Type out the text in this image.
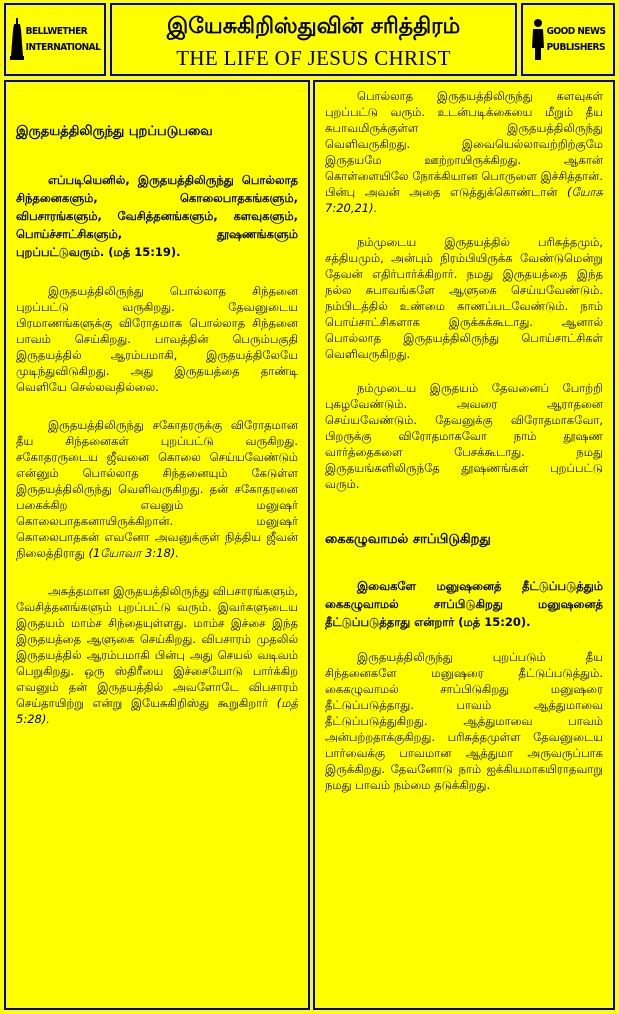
BELLWETHER
INTERNATIONAL
இயேசுகிறிஸ்துவின் சரித்திரம்
THE LIFE OF JESUS CHRIST
GOOD NEWS
PUBLISHERS

இருதயத்திலிருந்து புறப்படுபவை

எப்படியெனில், இருதயத்திலிருந்து பொல்லாத சிந்தனைகளும், கொலைபாதகங்களும், விபசாரங்களும், வேசித்தனங்களும், களவுகளும், பொய்ச்சாட்சிகளும், தூஷணங்களும் புறப்பட்டுவரும். (மத் 15:19).

இருதயத்திலிருந்து பொல்லாத சிந்தனை புறப்பட்டு வருகிறது. தேவனுடைய பிரமாணங்களுக்கு விரோதமாக பொல்லாத சிந்தனை பாவம் செய்கிறது. பாவத்தின் பெரும்பகுதி இருதயத்தில் ஆரம்பமாகி, இருதயத்திலேயே முடிந்துவிடுகிறது. அது இருதயத்தை தாண்டி வெளியே செல்லவதில்லை.

இருதயத்திலிருந்து சகோதரருக்கு விரோதமான தீய சிந்தனைகள் புறப்பட்டு வருகிறது. சகோதரருடைய ஜீவனை கொலை செய்யவேண்டும் என்னும் பொல்லாத சிந்தனையும் கேடுள்ள இருதயத்திலிருந்து வெளிவருகிறது. தன் சகோதரனை பகைக்கிற எவனும் மனுஷர் கொலைபாதகனாயிருக்கிறான். மனுஷர் கொலைபாதகன் எவனோ அவனுக்குள் நித்திய ஜீவன் நிலைத்திராது (1யோவா 3:18).

அசுத்தமான இருதயத்திலிருந்து விபசாரங்களும், வேசித்தனங்களும் புறப்பட்டு வரும். இவர்களுடைய இருதயம் மாம்ச சிந்தையுள்ளது. மாம்ச இச்சை இந்த இருதயத்தை ஆளுகை செய்கிறது. விபசாரம் முதலில் இருதயத்தில் ஆரம்பமாகி பின்பு அது செயல் வடிவம் பெறுகிறது. ஒரு ஸ்திரீயை இச்சையோடு பார்க்கிற எவனும் தன் இருதயத்தில் அவளோடே விபசாரம் செய்தாயிற்று என்று இயேசுகிறிஸ்து கூறுகிறார் (மத் 5:28).

பொல்லாத இருதயத்திலிருந்து களவுகள் புறப்பட்டு வரும். உடன்படிக்கையை மீறும் தீய சுபாவமிருக்குள்ள இருதயத்திலிருந்து வெளிவருகிறது. இவையெல்லாவற்றிற்குமே இருதயமே ஊற்றாயிருக்கிறது. ஆகான் கொள்ளையிலே நோக்கியான பொருளை இச்சித்தான். பின்பு அவன் அதை எடுத்துக்கொண்டான் (யோசு 7:20,21).

நம்முடைய இருதயத்தில் பரிசுத்தமும், சத்தியமும், அன்பும் நிரம்பியிருக்க வேண்டுமென்று தேவன் எதிர்பார்க்கிறார். நமது இருதயத்தை இந்த நல்ல சுபாவங்களே ஆளுகை செய்யவேண்டும். நம்பிடத்தில் உண்மை காணப்படவேண்டும். நாம் பொய்சாட்சிகளாக இருக்கக்கூடாது. ஆனால் பொல்லாத இருதயத்திலிருந்து பொய்சாட்சிகள் வெளிவருகிறது.

நம்முடைய இருதயம் தேவனைப் போற்றி புகழவேண்டும். அவரை ஆராதனை செய்யவேண்டும். தேவனுக்கு விரோதமாகவோ, பிறருக்கு விரோதமாகவோ நாம் தூஷண வார்த்தைகளை பேசக்கூடாது. நமது இருதயங்களிலிருந்தே தூஷணங்கள் புறப்பட்டு வரும்.

கைகழுவாமல் சாப்பிடுகிறது

இவைகளே மனுஷனைத் தீட்டுப்படுத்தும் கைகழுவாமல் சாப்பிடுகிறது மனுஷனைத் தீட்டுப்படுத்தாது என்றார் (மத் 15:20).

இருதயத்திலிருந்து புறப்படும் தீய சிந்தனைகளே மனுஷரை தீட்டுப்படுத்தும். கைகழுவாமல் சாப்பிடுகிறது மனுஷரை தீட்டுப்படுத்தாது. பாவம் ஆத்துமாவை தீட்டுப்படுத்துகிறது. ஆத்துமாவை பாவம் அன்பற்றதாக்குகிறது. பரிசுத்தமுள்ள தேவனுடைய பார்வைக்கு பாவமான ஆத்துமா அருவருப்பாக இருக்கிறது. தேவனோடு நாம் ஐக்கியமாகயிராதவாறு நமது பாவம் நம்மை தடுக்கிறது.
